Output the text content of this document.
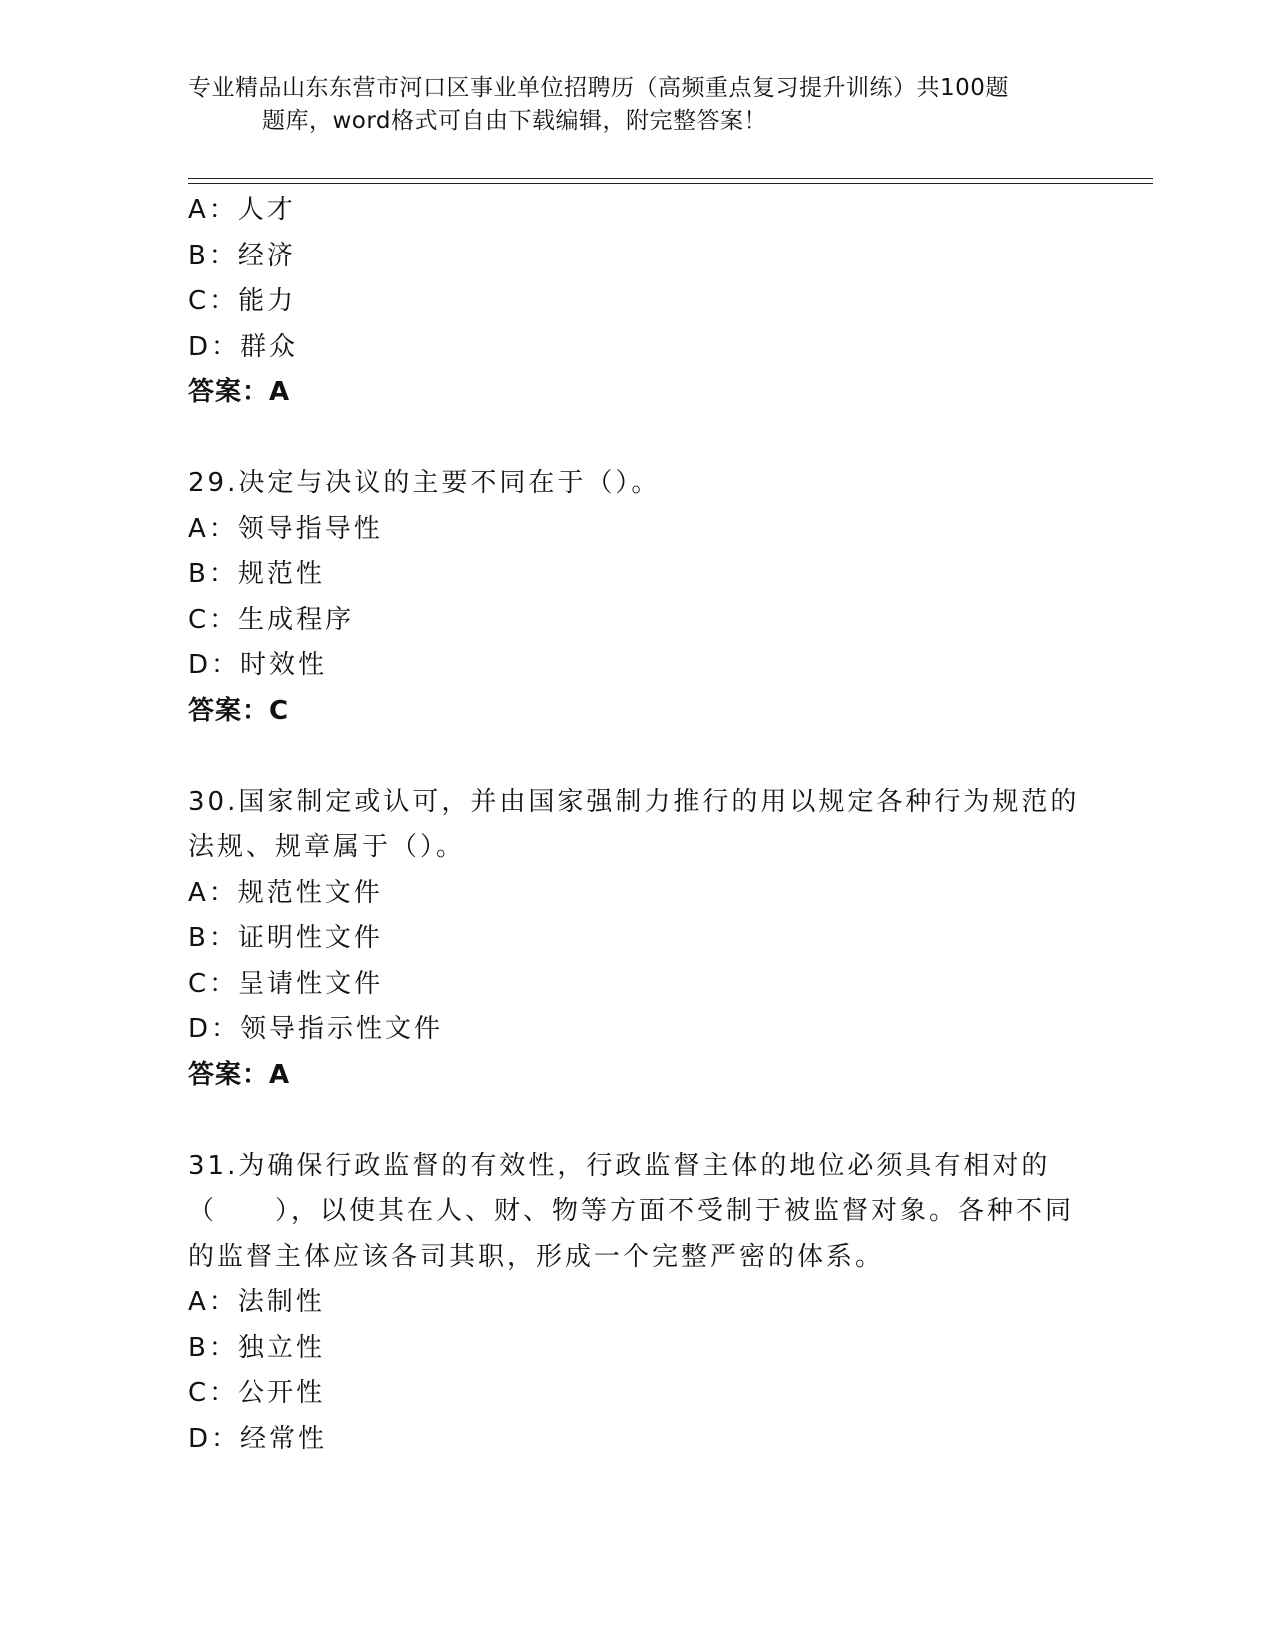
专业精品山东东营市河口区事业单位招聘历（高频重点复习提升训练）共100题
题库，word格式可自由下载编辑，附完整答案！
A：人才
B：经济
C：能力
D：群众
答案：A
29.决定与决议的主要不同在于（）。
A：领导指导性
B：规范性
C：生成程序
D：时效性
答案：C
30.国家制定或认可，并由国家强制力推行的用以规定各种行为规范的
法规、规章属于（）。
A：规范性文件
B：证明性文件
C：呈请性文件
D：领导指示性文件
答案：A
31.为确保行政监督的有效性，行政监督主体的地位必须具有相对的
（　　），以使其在人、财、物等方面不受制于被监督对象。各种不同
的监督主体应该各司其职，形成一个完整严密的体系。
A：法制性
B：独立性
C：公开性
D：经常性
